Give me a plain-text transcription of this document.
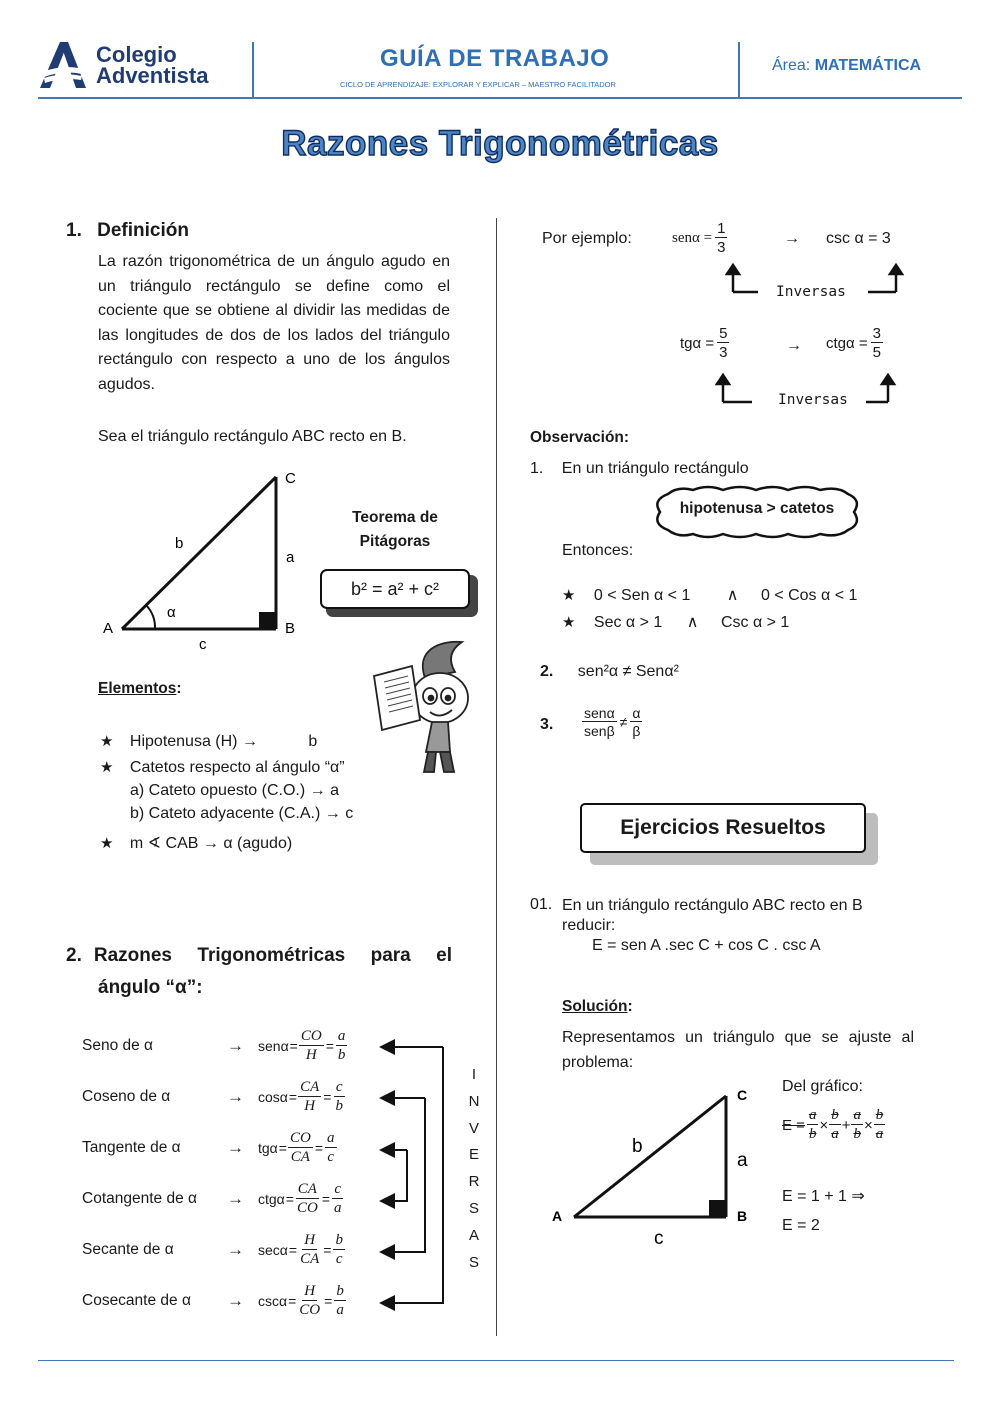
Colegio
Adventista
GUÍA DE TRABAJO
CICLO DE APRENDIZAJE: EXPLORAR Y EXPLICAR – MAESTRO FACILITADOR
Área: MATEMÁTICA
Razones Trigonométricas
1. Definición
La razón trigonométrica de un ángulo agudo en un triángulo rectángulo se define como el cociente que se obtiene al dividir las medidas de las longitudes de dos de los lados del triángulo rectángulo con respecto a uno de los ángulos agudos.
Sea el triángulo rectángulo ABC recto en B.
C
B
A
b
a
c
α
Teorema de
Pitágoras
b² = a² + c²
Elementos:
★ Hipotenusa (H) →	b
★ Catetos respecto al ángulo “α”
a) Cateto opuesto (C.O.) → a
b) Cateto adyacente (C.A.) → c
★ m ∢ CAB → α (agudo)
2. Razones Trigonométricas para el
ángulo “α”:
Seno de α	→ $sen\alpha = \frac{CO}{H} = \frac{a}{b}$
Coseno de α	→ $\cos\alpha = \frac{CA}{H} = \frac{c}{b}$
Tangente de α	→ $tg\alpha = \frac{CO}{CA} = \frac{a}{c}$
Cotangente de $\alpha \to ctg\alpha = \frac{CA}{CO} = \frac{c}{a}$
Secante de α	→ $\sec\alpha = \frac{H}{CA} = \frac{b}{c}$
Cosecante de $\alpha \to \csc\alpha = \frac{H}{CO} = \frac{b}{a}$
I
N
V
E
R
S
A
S
Por ejemplo:	$sen\alpha = \frac{1}{3}$	→ csc α = 3
Inversas
$tg\alpha = \frac{5}{3}$	→ $ctg\alpha = \frac{3}{5}$
Inversas
Observación:
1. En un triángulo rectángulo
hipotenusa > catetos
Entonces:
★ 0 < Sen α < 1 ∧ 0 < Cos α < 1
★ Sec α > 1 ∧ Csc α > 1
2. sen²α ≠ Senα²
3. $\frac{\text{senα}}{\text{senβ}} \ne \frac{\alpha}{\beta}$
Ejercicios Resueltos
01. En un triángulo rectángulo ABC recto en B
reducir:
E = sen A .sec C + cos C . csc A
Solución:
Representamos un triángulo que se ajuste al problema:
C
B
A
b
a
c
Del gráfico:
$E = \frac{a}{b} \times \frac{b}{a} + \frac{a}{b} \times \frac{b}{a}$
E = 1 + 1 ⇒
E = 2
